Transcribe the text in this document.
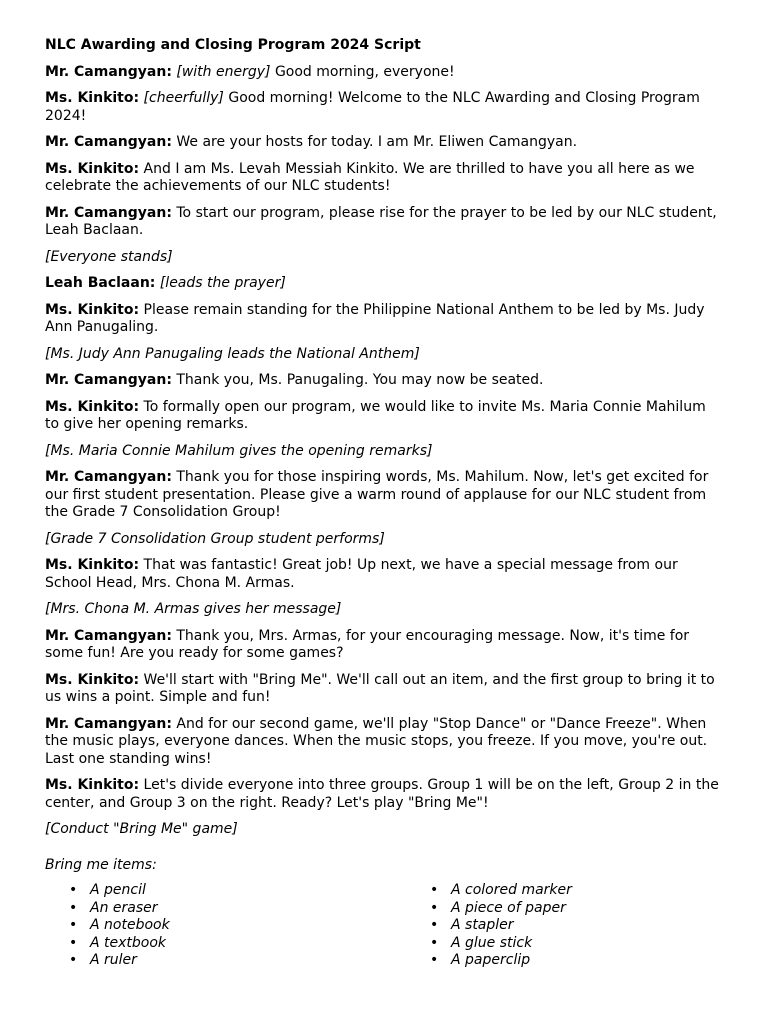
NLC Awarding and Closing Program 2024 Script
Mr. Camangyan: [with energy] Good morning, everyone!
Ms. Kinkito: [cheerfully] Good morning! Welcome to the NLC Awarding and Closing Program 2024!
Mr. Camangyan: We are your hosts for today. I am Mr. Eliwen Camangyan.
Ms. Kinkito: And I am Ms. Levah Messiah Kinkito. We are thrilled to have you all here as we celebrate the achievements of our NLC students!
Mr. Camangyan: To start our program, please rise for the prayer to be led by our NLC student, Leah Baclaan.
[Everyone stands]
Leah Baclaan: [leads the prayer]
Ms. Kinkito: Please remain standing for the Philippine National Anthem to be led by Ms. Judy Ann Panugaling.
[Ms. Judy Ann Panugaling leads the National Anthem]
Mr. Camangyan: Thank you, Ms. Panugaling. You may now be seated.
Ms. Kinkito: To formally open our program, we would like to invite Ms. Maria Connie Mahilum to give her opening remarks.
[Ms. Maria Connie Mahilum gives the opening remarks]
Mr. Camangyan: Thank you for those inspiring words, Ms. Mahilum. Now, let's get excited for our first student presentation. Please give a warm round of applause for our NLC student from the Grade 7 Consolidation Group!
[Grade 7 Consolidation Group student performs]
Ms. Kinkito: That was fantastic! Great job! Up next, we have a special message from our School Head, Mrs. Chona M. Armas.
[Mrs. Chona M. Armas gives her message]
Mr. Camangyan: Thank you, Mrs. Armas, for your encouraging message. Now, it's time for some fun! Are you ready for some games?
Ms. Kinkito: We'll start with "Bring Me". We'll call out an item, and the first group to bring it to us wins a point. Simple and fun!
Mr. Camangyan: And for our second game, we'll play "Stop Dance" or "Dance Freeze". When the music plays, everyone dances. When the music stops, you freeze. If you move, you're out. Last one standing wins!
Ms. Kinkito: Let's divide everyone into three groups. Group 1 will be on the left, Group 2 in the center, and Group 3 on the right. Ready? Let's play "Bring Me"!
[Conduct "Bring Me" game]
Bring me items:
• A pencil
• An eraser
• A notebook
• A textbook
• A ruler
• A colored marker
• A piece of paper
• A stapler
• A glue stick
• A paperclip
